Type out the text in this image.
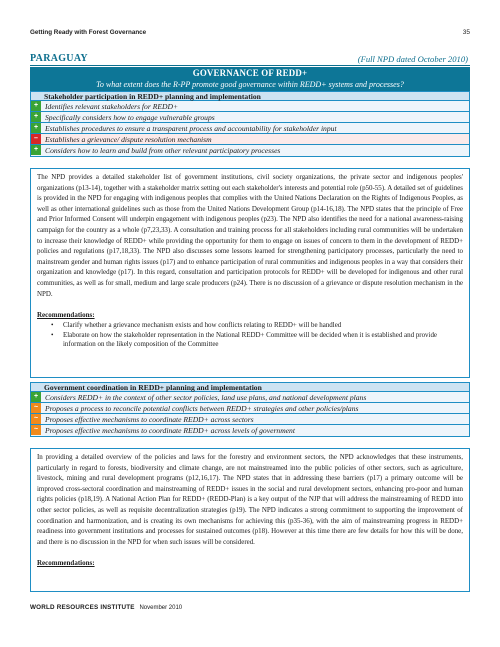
Getting Ready with Forest Governance	35
PARAGUAY	(Full NPD dated October 2010)
GOVERNANCE OF REDD+
To what extent does the R-PP promote good governance within REDD+ systems and processes?
Stakeholder participation in REDD+ planning and implementation
+ Identifies relevant stakeholders for REDD+
+ Specifically considers how to engage vulnerable groups
+ Establishes procedures to ensure a transparent process and accountability for stakeholder input
– Establishes a grievance/ dispute resolution mechanism
+ Considers how to learn and build from other relevant participatory processes

The NPD provides a detailed stakeholder list of government institutions, civil society organizations, the private sector and indigenous peoples' organizations (p13-14), together with a stakeholder matrix setting out each stakeholder's interests and potential role (p50-55). A detailed set of guidelines is provided in the NPD for engaging with indigenous peoples that complies with the United Nations Declaration on the Rights of Indigenous Peoples, as well as other international guidelines such as those from the United Nations Development Group (p14-16,18). The NPD states that the principle of Free and Prior Informed Consent will underpin engagement with indigenous peoples (p23). The NPD also identifies the need for a national awareness-raising campaign for the country as a whole (p7,23,33). A consultation and training process for all stakeholders including rural communities will be undertaken to increase their knowledge of REDD+ while providing the opportunity for them to engage on issues of concern to them in the development of REDD+ policies and regulations (p17,18,33). The NPD also discusses some lessons learned for strengthening participatory processes, particularly the need to mainstream gender and human rights issues (p17) and to enhance participation of rural communities and indigenous peoples in a way that considers their organization and knowledge (p17). In this regard, consultation and participation protocols for REDD+ will be developed for indigenous and other rural communities, as well as for small, medium and large scale producers (p24). There is no discussion of a grievance or dispute resolution mechanism in the NPD.

Recommendations:
• Clarify whether a grievance mechanism exists and how conflicts relating to REDD+ will be handled
• Elaborate on how the stakeholder representation in the National REDD+ Committee will be decided when it is established and provide information on the likely composition of the Committee
Government coordination in REDD+ planning and implementation
+ Considers REDD+ in the context of other sector policies, land use plans, and national development plans
~ Proposes a process to reconcile potential conflicts between REDD+ strategies and other policies/plans
~ Proposes effective mechanisms to coordinate REDD+ across sectors
~ Proposes effective mechanisms to coordinate REDD+ across levels of government

In providing a detailed overview of the policies and laws for the forestry and environment sectors, the NPD acknowledges that these instruments, particularly in regard to forests, biodiversity and climate change, are not mainstreamed into the public policies of other sectors, such as agriculture, livestock, mining and rural development programs (p12,16,17). The NPD states that in addressing these barriers (p17) a primary outcome will be improved cross-sectoral coordination and mainstreaming of REDD+ issues in the social and rural development sectors, enhancing pro-poor and human rights policies (p18,19). A National Action Plan for REDD+ (REDD-Plan) is a key output of the NJP that will address the mainstreaming of REDD into other sector policies, as well as requisite decentralization strategies (p19). The NPD indicates a strong commitment to supporting the improvement of coordination and harmonization, and is creating its own mechanisms for achieving this (p35-36), with the aim of mainstreaming progress in REDD+ readiness into government institutions and processes for sustained outcomes (p18). However at this time there are few details for how this will be done, and there is no discussion in the NPD for when such issues will be considered.

Recommendations:
WORLD RESOURCES INSTITUTE November 2010
